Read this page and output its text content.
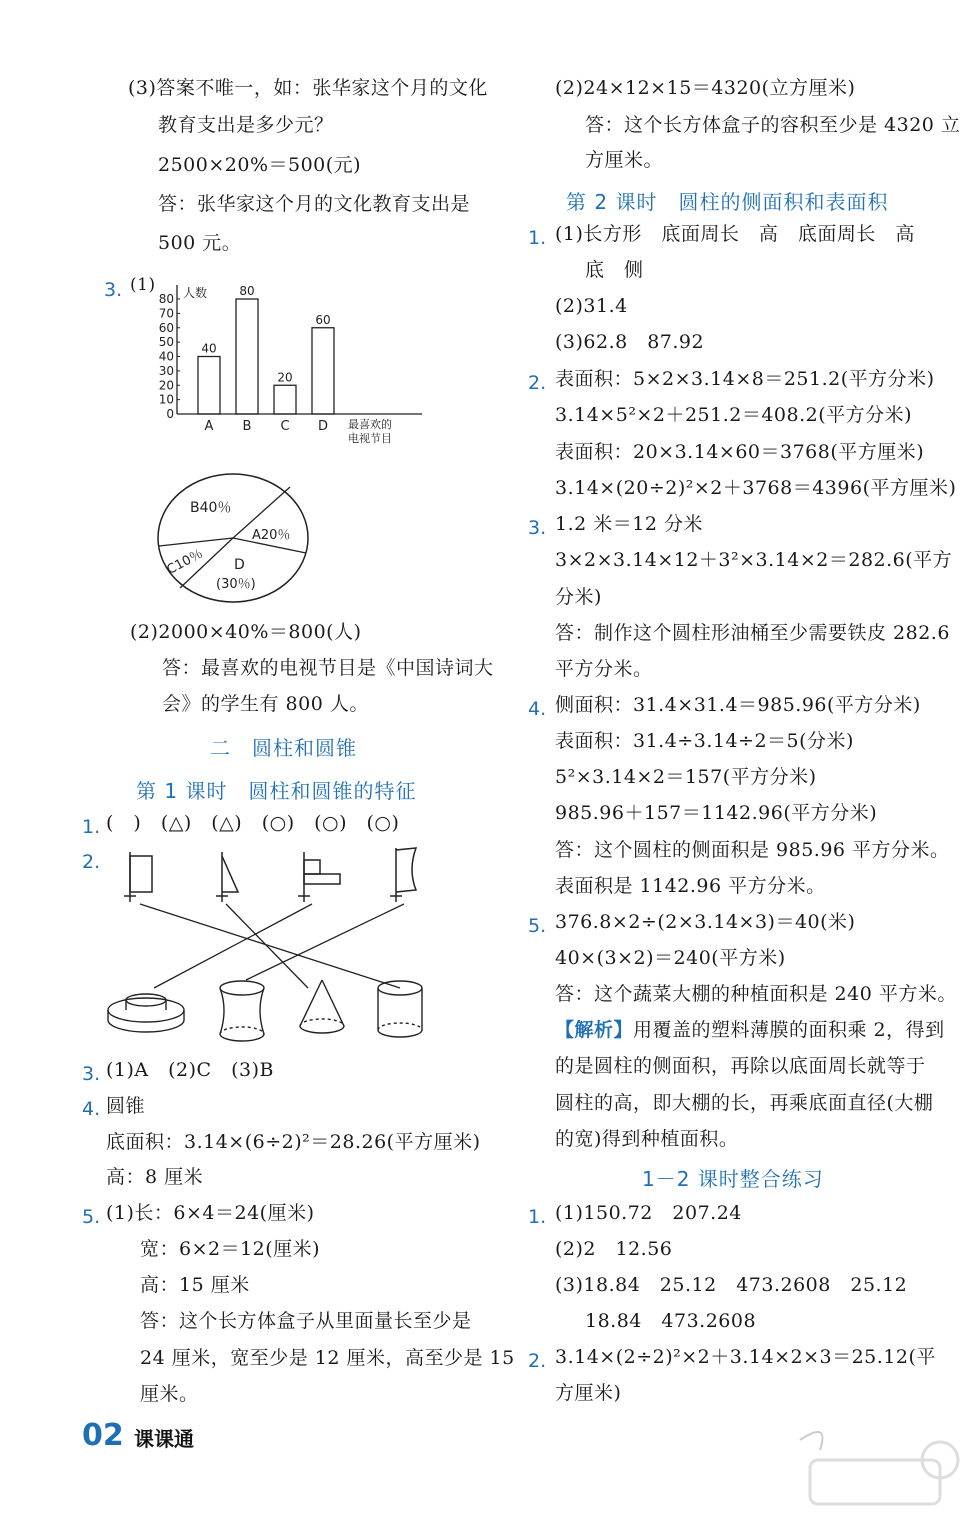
(3)答案不唯一，如：张华家这个月的文化
教育支出是多少元？
2500×20%＝500(元)
答：张华家这个月的文化教育支出是
500 元。
3. (1) 人数
80
70
60
50
40
30
20
10
0
40
A
80
B
20
C
60
D 最喜欢的
电视节目
B40％
A20％
C10％ D
(30％)
(2)2000×40%＝800(人)
答：最喜欢的电视节目是《中国诗词大
会》的学生有 800 人。
二　圆柱和圆锥
第 1 课时　圆柱和圆锥的特征
1. (　)　(△)　(△)　(○)　(○)　(○)
2.
3. (1)A　(2)C　(3)B
4. 圆锥
底面积：3.14×(6÷2)²＝28.26(平方厘米)
高：8 厘米
5. (1)长：6×4＝24(厘米)
宽：6×2＝12(厘米)
高：15 厘米
答：这个长方体盒子从里面量长至少是
24 厘米，宽至少是 12 厘米，高至少是 15
厘米。
(2)24×12×15＝4320(立方厘米)
答：这个长方体盒子的容积至少是 4320 立
方厘米。
第 2 课时　圆柱的侧面积和表面积
1. (1)长方形　底面周长　高　底面周长　高
底　侧
(2)31.4
(3)62.8　87.92
2. 表面积：5×2×3.14×8＝251.2(平方分米)
3.14×5²×2＋251.2＝408.2(平方分米)
表面积：20×3.14×60＝3768(平方厘米)
3.14×(20÷2)²×2＋3768＝4396(平方厘米)
3. 1.2 米＝12 分米
3×2×3.14×12＋3²×3.14×2＝282.6(平方
分米)
答：制作这个圆柱形油桶至少需要铁皮 282.6
平方分米。
4. 侧面积：31.4×31.4＝985.96(平方分米)
表面积：31.4÷3.14÷2＝5(分米)
5²×3.14×2＝157(平方分米)
985.96＋157＝1142.96(平方分米)
答：这个圆柱的侧面积是 985.96 平方分米。
表面积是 1142.96 平方分米。
5. 376.8×2÷(2×3.14×3)＝40(米)
40×(3×2)＝240(平方米)
答：这个蔬菜大棚的种植面积是 240 平方米。
【解析】用覆盖的塑料薄膜的面积乘 2，得到
的是圆柱的侧面积，再除以底面周长就等于
圆柱的高，即大棚的长，再乘底面直径(大棚
的宽)得到种植面积。
1－2 课时整合练习
1. (1)150.72　207.24
(2)2　12.56
(3)18.84　25.12　473.2608　25.12
18.84　473.2608
2. 3.14×(2÷2)²×2＋3.14×2×3＝25.12(平
方厘米)
02 课课通
